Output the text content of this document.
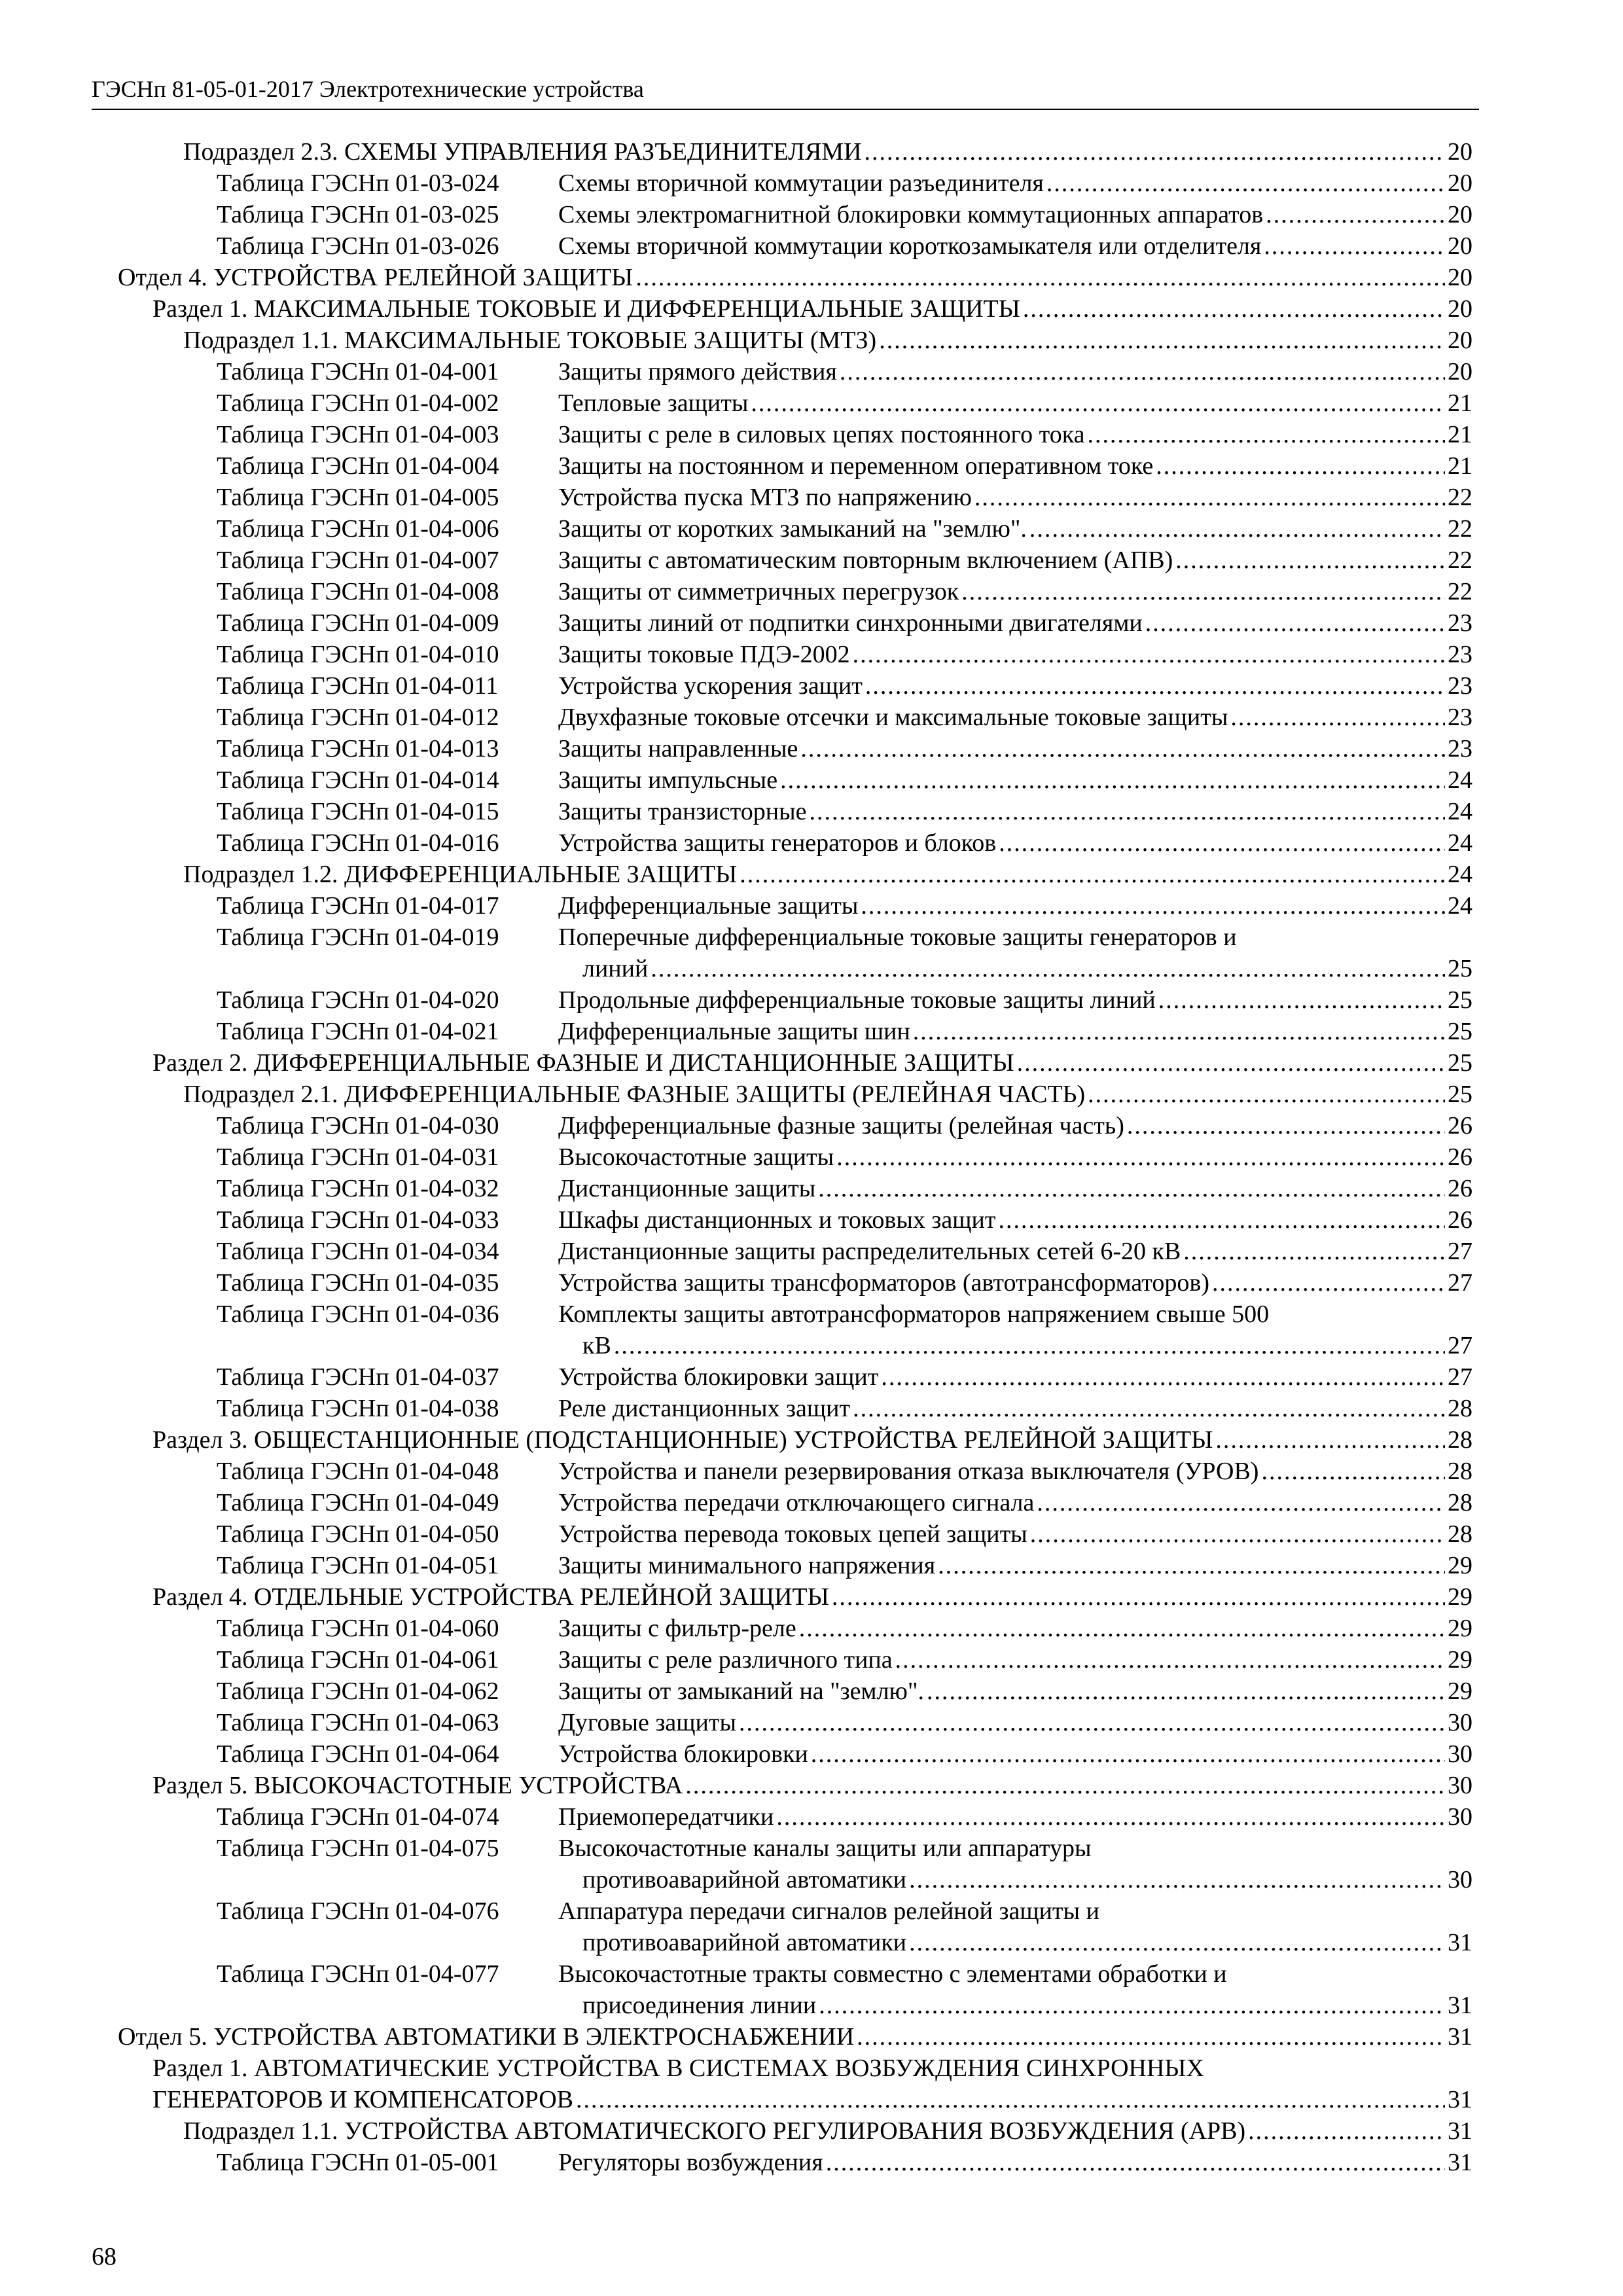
ГЭСНп 81-05-01-2017 Электротехнические устройства
Подраздел 2.3. СХЕМЫ УПРАВЛЕНИЯ РАЗЪЕДИНИТЕЛЯМИ .....	20
Таблица ГЭСНп 01-03-024	Схемы вторичной коммутации разъединителя .....	20
Таблица ГЭСНп 01-03-025	Схемы электромагнитной блокировки коммутационных аппаратов .....	20
Таблица ГЭСНп 01-03-026	Схемы вторичной коммутации короткозамыкателя или отделителя .....	20
Отдел 4. УСТРОЙСТВА РЕЛЕЙНОЙ ЗАЩИТЫ .....	20
Раздел 1. МАКСИМАЛЬНЫЕ ТОКОВЫЕ И ДИФФЕРЕНЦИАЛЬНЫЕ ЗАЩИТЫ .....	20
Подраздел 1.1. МАКСИМАЛЬНЫЕ ТОКОВЫЕ ЗАЩИТЫ (МТЗ) .....	20
Таблица ГЭСНп 01-04-001	Защиты прямого действия .....	20
Таблица ГЭСНп 01-04-002	Тепловые защиты .....	21
Таблица ГЭСНп 01-04-003	Защиты с реле в силовых цепях постоянного тока .....	21
Таблица ГЭСНп 01-04-004	Защиты на постоянном и переменном оперативном токе .....	21
Таблица ГЭСНп 01-04-005	Устройства пуска МТЗ по напряжению .....	22
Таблица ГЭСНп 01-04-006	Защиты от коротких замыканий на "землю". .....	22
Таблица ГЭСНп 01-04-007	Защиты с автоматическим повторным включением (АПВ) .....	22
Таблица ГЭСНп 01-04-008	Защиты от симметричных перегрузок .....	22
Таблица ГЭСНп 01-04-009	Защиты линий от подпитки синхронными двигателями .....	23
Таблица ГЭСНп 01-04-010	Защиты токовые ПДЭ-2002 .....	23
Таблица ГЭСНп 01-04-011	Устройства ускорения защит .....	23
Таблица ГЭСНп 01-04-012	Двухфазные токовые отсечки и максимальные токовые защиты .....	23
Таблица ГЭСНп 01-04-013	Защиты направленные .....	23
Таблица ГЭСНп 01-04-014	Защиты импульсные .....	24
Таблица ГЭСНп 01-04-015	Защиты транзисторные .....	24
Таблица ГЭСНп 01-04-016	Устройства защиты генераторов и блоков .....	24
Подраздел 1.2. ДИФФЕРЕНЦИАЛЬНЫЕ ЗАЩИТЫ .....	24
Таблица ГЭСНп 01-04-017	Дифференциальные защиты .....	24
Таблица ГЭСНп 01-04-019	Поперечные дифференциальные токовые защиты генераторов и
линий .....	25
Таблица ГЭСНп 01-04-020	Продольные дифференциальные токовые защиты линий .....	25
Таблица ГЭСНп 01-04-021	Дифференциальные защиты шин .....	25
Раздел 2. ДИФФЕРЕНЦИАЛЬНЫЕ ФАЗНЫЕ И ДИСТАНЦИОННЫЕ ЗАЩИТЫ .....	25
Подраздел 2.1. ДИФФЕРЕНЦИАЛЬНЫЕ ФАЗНЫЕ ЗАЩИТЫ (РЕЛЕЙНАЯ ЧАСТЬ) .....	25
Таблица ГЭСНп 01-04-030	Дифференциальные фазные защиты (релейная часть) .....	26
Таблица ГЭСНп 01-04-031	Высокочастотные защиты .....	26
Таблица ГЭСНп 01-04-032	Дистанционные защиты .....	26
Таблица ГЭСНп 01-04-033	Шкафы дистанционных и токовых защит .....	26
Таблица ГЭСНп 01-04-034	Дистанционные защиты распределительных сетей 6-20 кВ .....	27
Таблица ГЭСНп 01-04-035	Устройства защиты трансформаторов (автотрансформаторов) .....	27
Таблица ГЭСНп 01-04-036	Комплекты защиты автотрансформаторов напряжением свыше 500
кВ .....	27
Таблица ГЭСНп 01-04-037	Устройства блокировки защит .....	27
Таблица ГЭСНп 01-04-038	Реле дистанционных защит .....	28
Раздел 3. ОБЩЕСТАНЦИОННЫЕ (ПОДСТАНЦИОННЫЕ) УСТРОЙСТВА РЕЛЕЙНОЙ ЗАЩИТЫ .....	28
Таблица ГЭСНп 01-04-048	Устройства и панели резервирования отказа выключателя (УРОВ) .....	28
Таблица ГЭСНп 01-04-049	Устройства передачи отключающего сигнала .....	28
Таблица ГЭСНп 01-04-050	Устройства перевода токовых цепей защиты .....	28
Таблица ГЭСНп 01-04-051	Защиты минимального напряжения .....	29
Раздел 4. ОТДЕЛЬНЫЕ УСТРОЙСТВА РЕЛЕЙНОЙ ЗАЩИТЫ .....	29
Таблица ГЭСНп 01-04-060	Защиты с фильтр-реле .....	29
Таблица ГЭСНп 01-04-061	Защиты с реле различного типа .....	29
Таблица ГЭСНп 01-04-062	Защиты от замыканий на "землю". .....	29
Таблица ГЭСНп 01-04-063	Дуговые защиты .....	30
Таблица ГЭСНп 01-04-064	Устройства блокировки .....	30
Раздел 5. ВЫСОКОЧАСТОТНЫЕ УСТРОЙСТВА .....	30
Таблица ГЭСНп 01-04-074	Приемопередатчики .....	30
Таблица ГЭСНп 01-04-075	Высокочастотные каналы защиты или аппаратуры
противоаварийной автоматики .....	30
Таблица ГЭСНп 01-04-076	Аппаратура передачи сигналов релейной защиты и
противоаварийной автоматики .....	31
Таблица ГЭСНп 01-04-077	Высокочастотные тракты совместно с элементами обработки и
присоединения линии .....	31
Отдел 5. УСТРОЙСТВА АВТОМАТИКИ В ЭЛЕКТРОСНАБЖЕНИИ .....	31
Раздел 1. АВТОМАТИЧЕСКИЕ УСТРОЙСТВА В СИСТЕМАХ ВОЗБУЖДЕНИЯ СИНХРОННЫХ
ГЕНЕРАТОРОВ И КОМПЕНСАТОРОВ .....	31
Подраздел 1.1. УСТРОЙСТВА АВТОМАТИЧЕСКОГО РЕГУЛИРОВАНИЯ ВОЗБУЖДЕНИЯ (АРВ) .....	31
Таблица ГЭСНп 01-05-001	Регуляторы возбуждения .....	31
68
